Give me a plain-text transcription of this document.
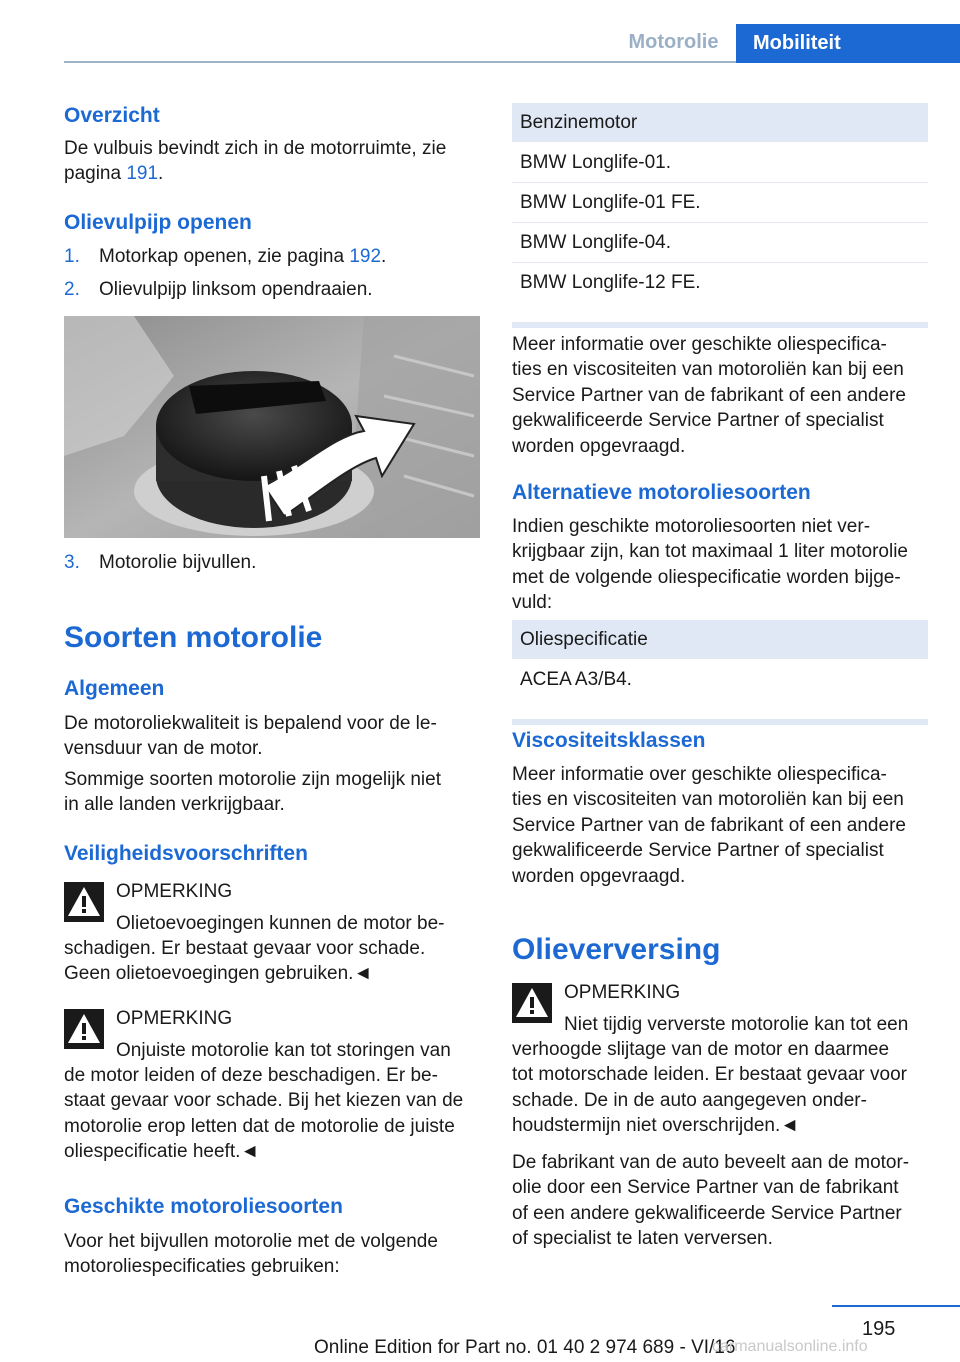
Motorolie	Mobiliteit
Overzicht
De vulbuis bevindt zich in de motorruimte, zie
pagina 191.
Olievulpijp openen
1. Motorkap openen, zie pagina 192.
2. Olievulpijp linksom opendraaien.
3. Motorolie bijvullen.
Soorten motorolie
Algemeen
De motoroliekwaliteit is bepalend voor de le-
vensduur van de motor.
Sommige soorten motorolie zijn mogelijk niet
in alle landen verkrijgbaar.
Veiligheidsvoorschriften
OPMERKING
Olietoevoegingen kunnen de motor be-
schadigen. Er bestaat gevaar voor schade.
Geen olietoevoegingen gebruiken.◄
OPMERKING
Onjuiste motorolie kan tot storingen van
de motor leiden of deze beschadigen. Er be-
staat gevaar voor schade. Bij het kiezen van de
motorolie erop letten dat de motorolie de juiste
oliespecificatie heeft.◄
Geschikte motoroliesoorten
Voor het bijvullen motorolie met de volgende
motoroliespecificaties gebruiken:
Benzinemotor
BMW Longlife-01.
BMW Longlife-01 FE.
BMW Longlife-04.
BMW Longlife-12 FE.
Meer informatie over geschikte oliespecifica-
ties en viscositeiten van motoroliën kan bij een
Service Partner van de fabrikant of een andere
gekwalificeerde Service Partner of specialist
worden opgevraagd.
Alternatieve motoroliesoorten
Indien geschikte motoroliesoorten niet ver-
krijgbaar zijn, kan tot maximaal 1 liter motorolie
met de volgende oliespecificatie worden bijge-
vuld:
Oliespecificatie
ACEA A3/B4.
Viscositeitsklassen
Meer informatie over geschikte oliespecifica-
ties en viscositeiten van motoroliën kan bij een
Service Partner van de fabrikant of een andere
gekwalificeerde Service Partner of specialist
worden opgevraagd.
Olieverversing
OPMERKING
Niet tijdig ververste motorolie kan tot een
verhoogde slijtage van de motor en daarmee
tot motorschade leiden. Er bestaat gevaar voor
schade. De in de auto aangegeven onder-
houdstermijn niet overschrijden.◄
De fabrikant van de auto beveelt aan de motor-
olie door een Service Partner van de fabrikant
of een andere gekwalificeerde Service Partner
of specialist te laten verversen.
195
Online Edition for Part no. 01 40 2 974 689 - VI/16
carmanualsonline.info
